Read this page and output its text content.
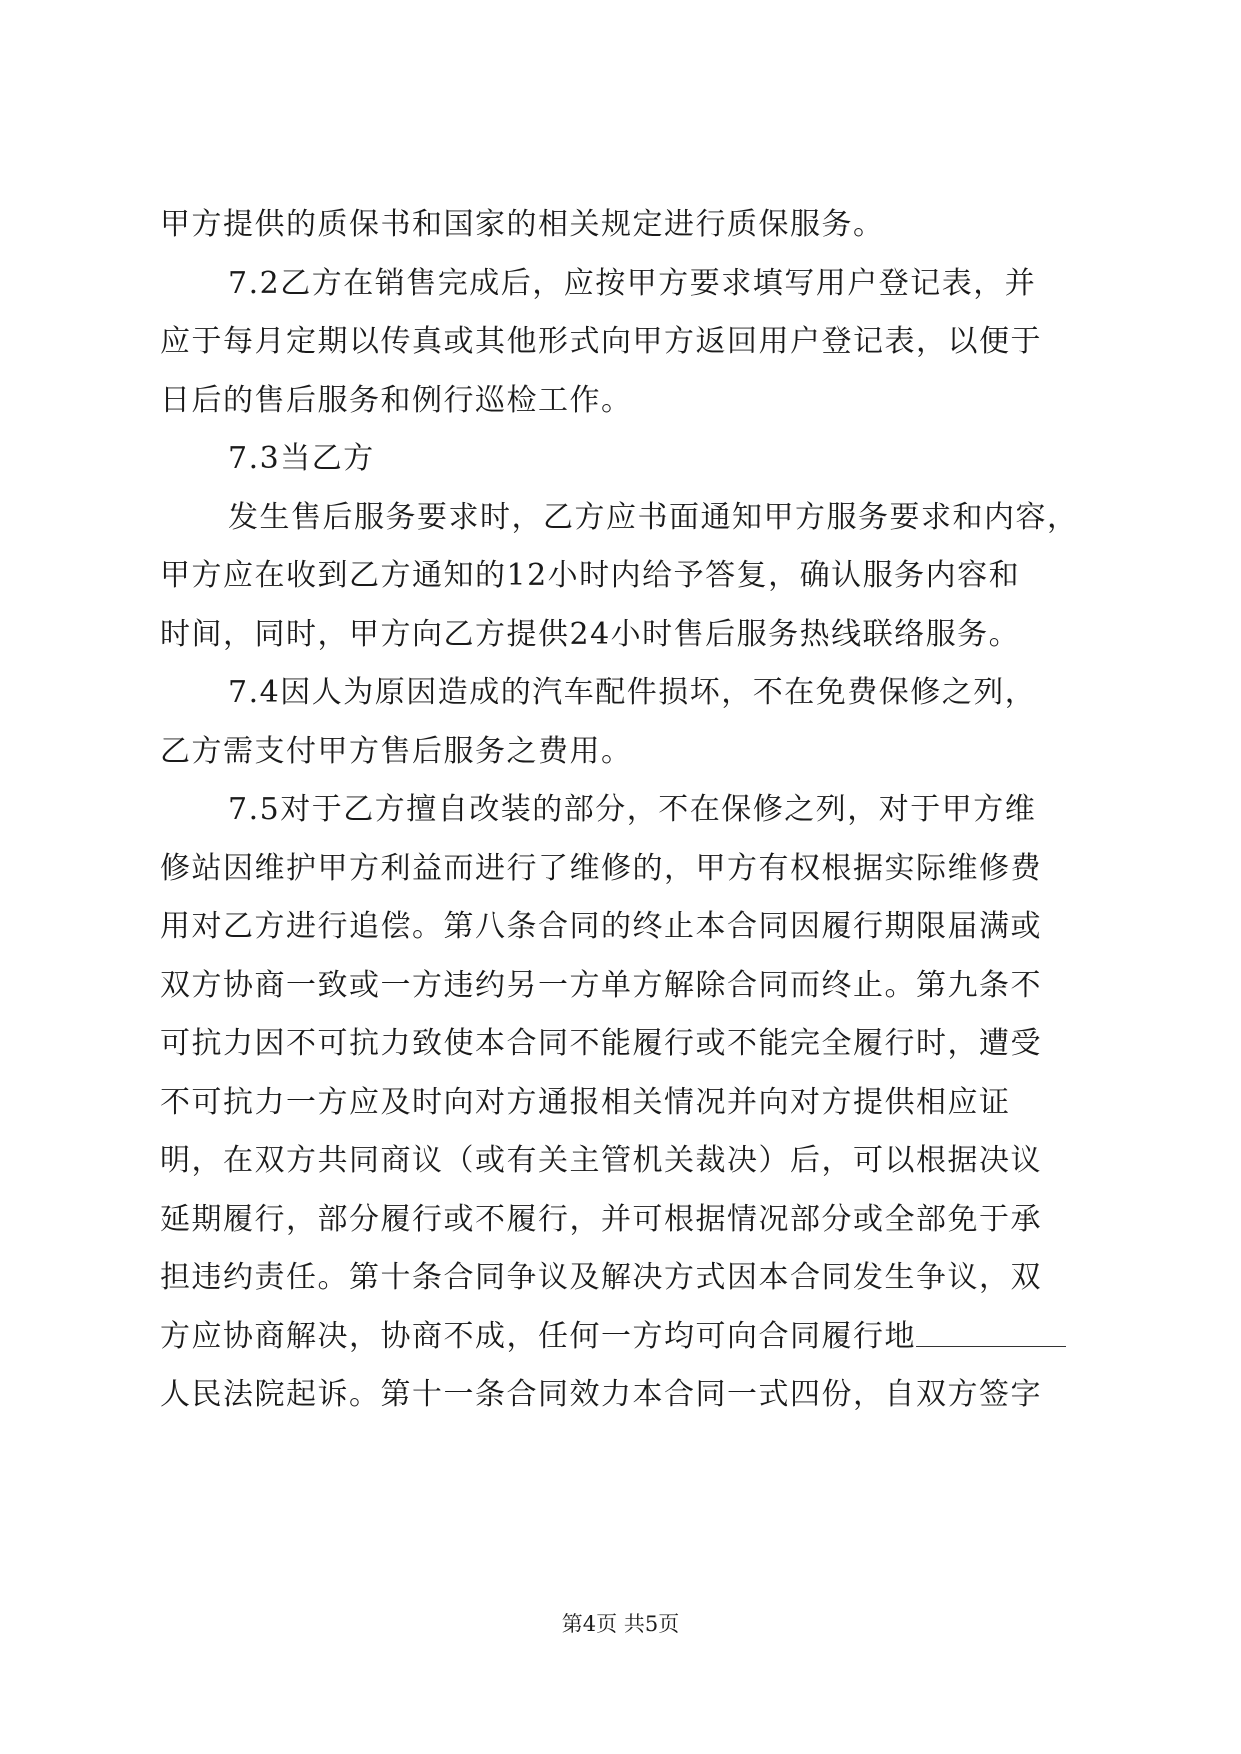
甲方提供的质保书和国家的相关规定进行质保服务。
7.2乙方在销售完成后，应按甲方要求填写用户登记表，并
应于每月定期以传真或其他形式向甲方返回用户登记表，以便于
日后的售后服务和例行巡检工作。
7.3当乙方
发生售后服务要求时，乙方应书面通知甲方服务要求和内容，
甲方应在收到乙方通知的12小时内给予答复，确认服务内容和
时间，同时，甲方向乙方提供24小时售后服务热线联络服务。
7.4因人为原因造成的汽车配件损坏，不在免费保修之列，
乙方需支付甲方售后服务之费用。
7.5对于乙方擅自改装的部分，不在保修之列，对于甲方维
修站因维护甲方利益而进行了维修的，甲方有权根据实际维修费
用对乙方进行追偿。第八条合同的终止本合同因履行期限届满或
双方协商一致或一方违约另一方单方解除合同而终止。第九条不
可抗力因不可抗力致使本合同不能履行或不能完全履行时，遭受
不可抗力一方应及时向对方通报相关情况并向对方提供相应证
明，在双方共同商议（或有关主管机关裁决）后，可以根据决议
延期履行，部分履行或不履行，并可根据情况部分或全部免于承
担违约责任。第十条合同争议及解决方式因本合同发生争议，双
方应协商解决，协商不成，任何一方均可向合同履行地
人民法院起诉。第十一条合同效力本合同一式四份，自双方签字
第4页 共5页
